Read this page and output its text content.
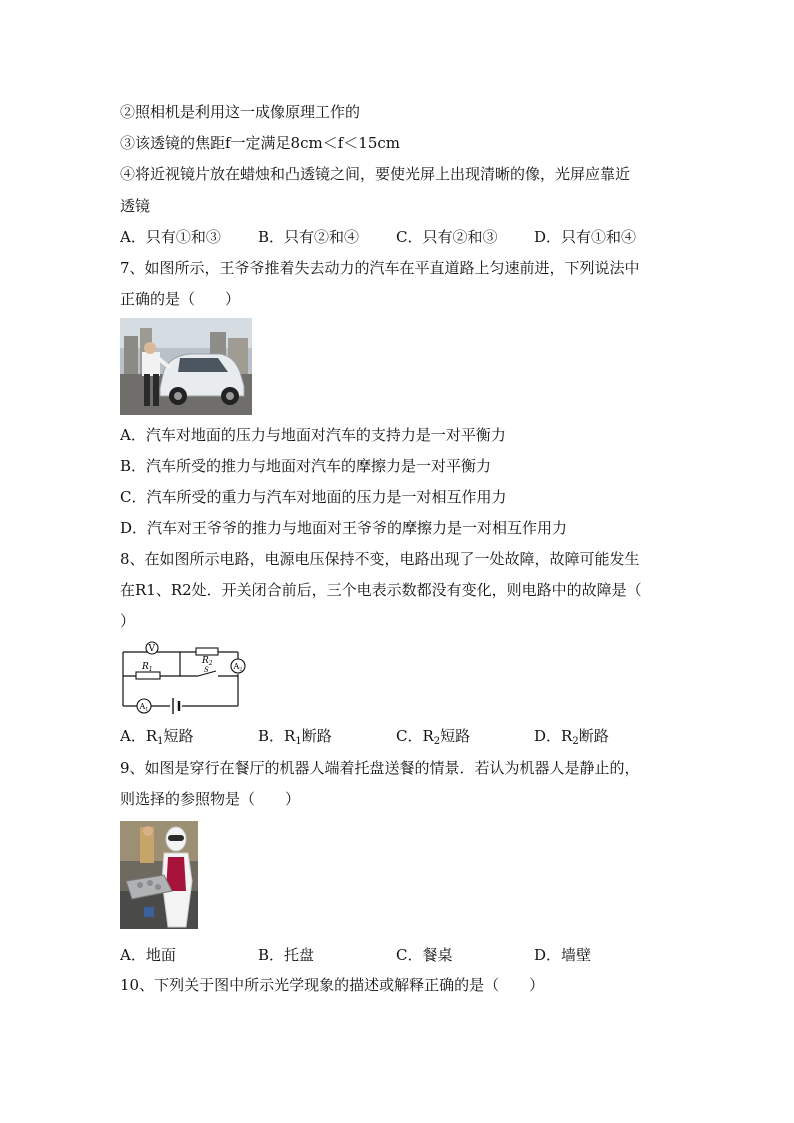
②照相机是利用这一成像原理工作的
③该透镜的焦距f一定满足8cm＜f＜15cm
④将近视镜片放在蜡烛和凸透镜之间，要使光屏上出现清晰的像，光屏应靠近
透镜
A．只有①和③ B．只有②和④ C．只有②和③ D．只有①和④
7、如图所示，王爷爷推着失去动力的汽车在平直道路上匀速前进，下列说法中
正确的是（　　）
A．汽车对地面的压力与地面对汽车的支持力是一对平衡力
B．汽车所受的推力与地面对汽车的摩擦力是一对平衡力
C．汽车所受的重力与汽车对地面的压力是一对相互作用力
D．汽车对王爷爷的推力与地面对王爷爷的摩擦力是一对相互作用力
8、在如图所示电路，电源电压保持不变，电路出现了一处故障，故障可能发生
在R1、R2处．开关闭合前后，三个电表示数都没有变化，则电路中的故障是（
）
V
$R_1$
$R_2$
S	A2
A1
A．$R_1$短路	B．$R_1$断路	C．$R_2$短路	D．$R_2$断路
9、如图是穿行在餐厅的机器人端着托盘送餐的情景．若认为机器人是静止的，
则选择的参照物是（　　）
A．地面	B．托盘	C．餐桌	D．墙壁
10、下列关于图中所示光学现象的描述或解释正确的是（　　）
